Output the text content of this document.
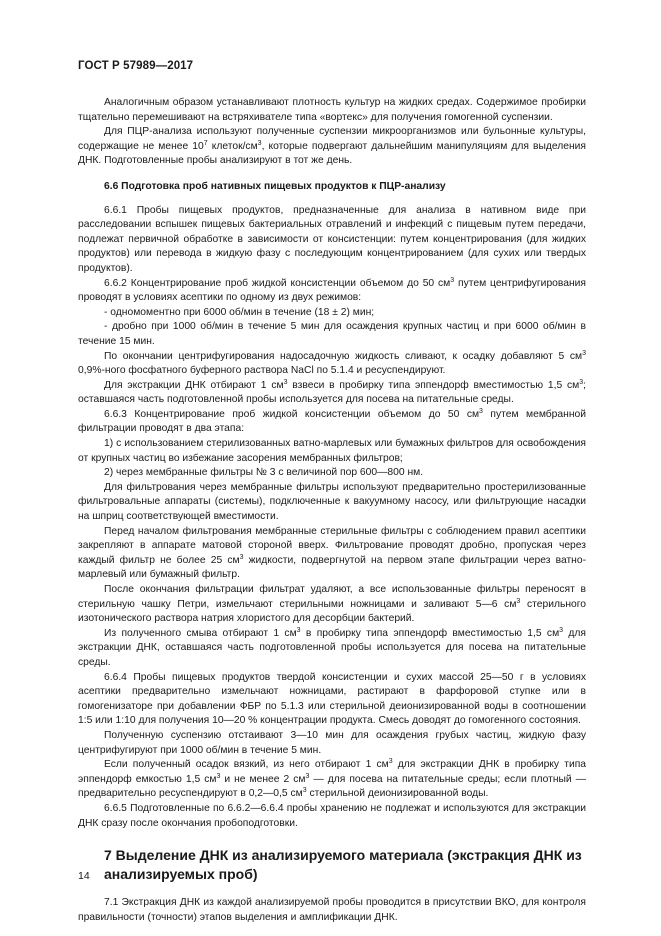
ГОСТ Р 57989—2017

Аналогичным образом устанавливают плотность культур на жидких средах. Содержимое пробирки тщательно перемешивают на встряхивателе типа «вортекс» для получения гомогенной суспензии.

Для ПЦР-анализа используют полученные суспензии микроорганизмов или бульонные культуры, содержащие не менее $10^7$ клеток/$см^3$, которые подвергают дальнейшим манипуляциям для выделения ДНК. Подготовленные пробы анализируют в тот же день.

6.6 Подготовка проб нативных пищевых продуктов к ПЦР-анализу

6.6.1 Пробы пищевых продуктов, предназначенные для анализа в нативном виде при расследовании вспышек пищевых бактериальных отравлений и инфекций с пищевым путем передачи, подлежат первичной обработке в зависимости от консистенции: путем концентрирования (для жидких продуктов) или перевода в жидкую фазу с последующим концентрированием (для сухих или твердых продуктов).

6.6.2 Концентрирование проб жидкой консистенции объемом до 50 $см^3$ путем центрифугирования проводят в условиях асептики по одному из двух режимов:

- одномоментно при 6000 об/мин в течение (18 ± 2) мин;

- дробно при 1000 об/мин в течение 5 мин для осаждения крупных частиц и при 6000 об/мин в течение 15 мин.

По окончании центрифугирования надосадочную жидкость сливают, к осадку добавляют 5 $см^3$ 0,9%-ного фосфатного буферного раствора NaCl по 5.1.4 и ресуспендируют.

Для экстракции ДНК отбирают 1 $см^3$ взвеси в пробирку типа эппендорф вместимостью 1,5 $см^3$; оставшаяся часть подготовленной пробы используется для посева на питательные среды.

6.6.3 Концентрирование проб жидкой консистенции объемом до 50 $см^3$ путем мембранной фильтрации проводят в два этапа:

1) с использованием стерилизованных ватно-марлевых или бумажных фильтров для освобождения от крупных частиц во избежание засорения мембранных фильтров;

2) через мембранные фильтры № 3 с величиной пор 600—800 нм.

Для фильтрования через мембранные фильтры используют предварительно простерилизованные фильтровальные аппараты (системы), подключенные к вакуумному насосу, или фильтрующие насадки на шприц соответствующей вместимости.

Перед началом фильтрования мембранные стерильные фильтры с соблюдением правил асептики закрепляют в аппарате матовой стороной вверх. Фильтрование проводят дробно, пропуская через каждый фильтр не более 25 $см^3$ жидкости, подвергнутой на первом этапе фильтрации через ватно-марлевый или бумажный фильтр.

После окончания фильтрации фильтрат удаляют, а все использованные фильтры переносят в стерильную чашку Петри, измельчают стерильными ножницами и заливают 5—6 $см^3$ стерильного изотонического раствора натрия хлористого для десорбции бактерий.

Из полученного смыва отбирают 1 $см^3$ в пробирку типа эппендорф вместимостью 1,5 $см^3$ для экстракции ДНК, оставшаяся часть подготовленной пробы используется для посева на питательные среды.

6.6.4 Пробы пищевых продуктов твердой консистенции и сухих массой 25—50 г в условиях асептики предварительно измельчают ножницами, растирают в фарфоровой ступке или в гомогенизаторе при добавлении ФБР по 5.1.3 или стерильной деионизированной воды в соотношении 1:5 или 1:10 для получения 10—20 % концентрации продукта. Смесь доводят до гомогенного состояния.

Полученную суспензию отстаивают 3—10 мин для осаждения грубых частиц, жидкую фазу центрифугируют при 1000 об/мин в течение 5 мин.

Если полученный осадок вязкий, из него отбирают 1 $см^3$ для экстракции ДНК в пробирку типа эппендорф емкостью 1,5 $см^3$ и не менее 2 $см^3$ — для посева на питательные среды; если плотный — предварительно ресуспендируют в 0,2—0,5 $см^3$ стерильной деионизированной воды.

6.6.5 Подготовленные по 6.6.2—6.6.4 пробы хранению не подлежат и используются для экстракции ДНК сразу после окончания пробоподготовки.

7 Выделение ДНК из анализируемого материала (экстракция ДНК из анализируемых проб)

7.1 Экстракция ДНК из каждой анализируемой пробы проводится в присутствии ВКО, для контроля правильности (точности) этапов выделения и амплификации ДНК.

14
